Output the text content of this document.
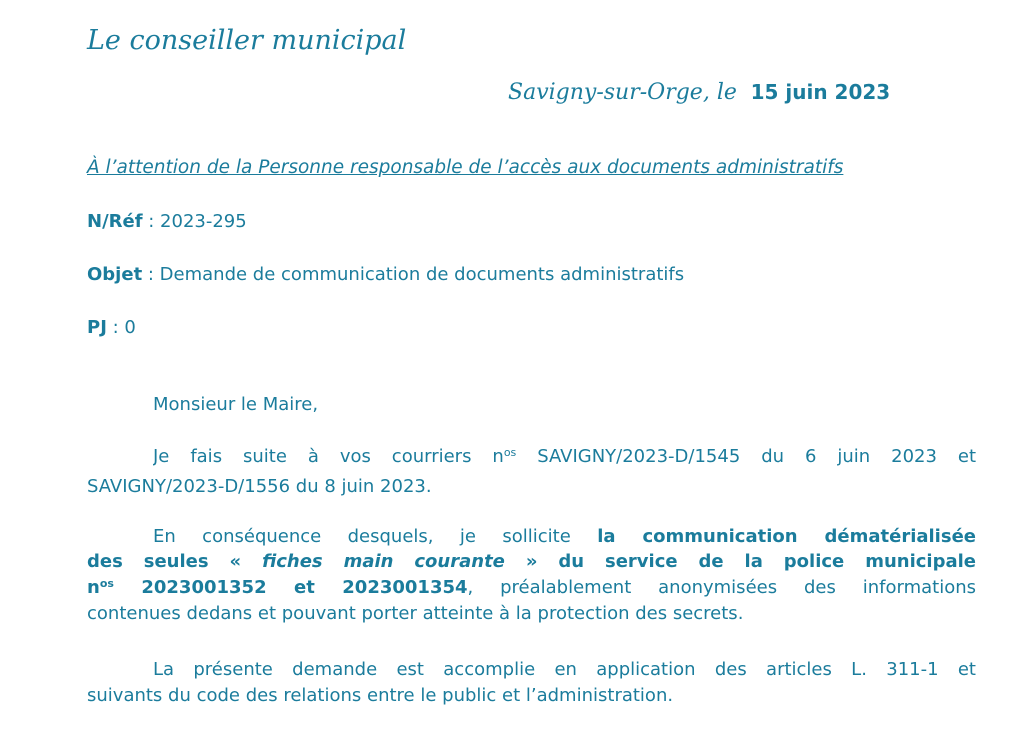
Le conseiller municipal
Savigny-sur-Orge, le 15 juin 2023
À l’attention de la Personne responsable de l’accès aux documents administratifs
N/Réf : 2023-295
Objet : Demande de communication de documents administratifs
PJ : 0
Monsieur le Maire,
Je fais suite à vos courriers $n^{os}$ SAVIGNY/2023-D/1545 du 6 juin 2023 et
SAVIGNY/2023-D/1556 du 8 juin 2023.
En conséquence desquels, je sollicite la communication dématérialisée
des seules « fiches main courante » du service de la police municipale
$n^{os}$ 2023001352 et 2023001354, préalablement anonymisées des informations
contenues dedans et pouvant porter atteinte à la protection des secrets.
La présente demande est accomplie en application des articles L. 311-1 et
suivants du code des relations entre le public et l’administration.
